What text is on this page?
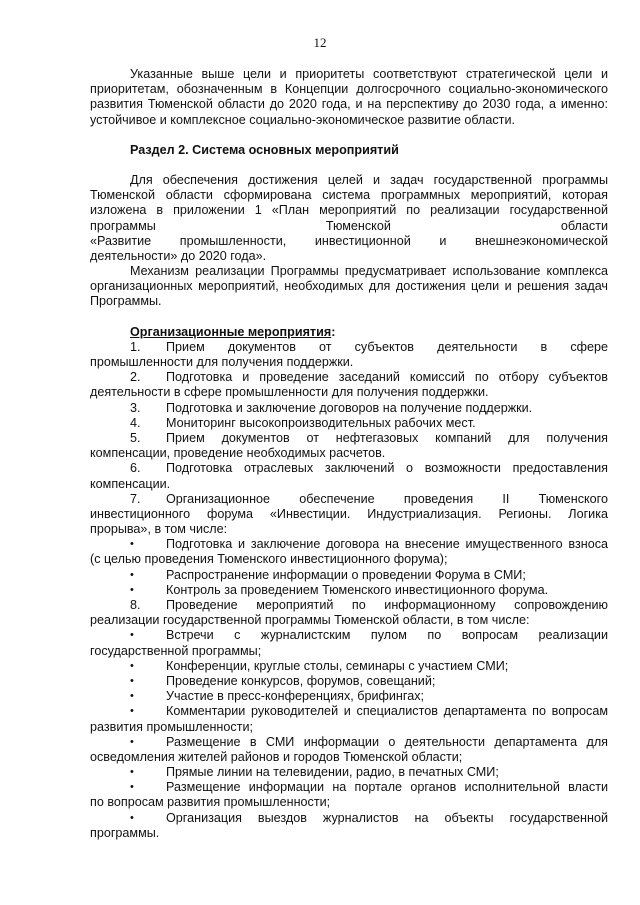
12
Указанные выше цели и приоритеты соответствуют стратегической цели и
приоритетам, обозначенным в Концепции долгосрочного социально-экономического
развития Тюменской области до 2020 года, и на перспективу до 2030 года, а именно:
устойчивое и комплексное социально-экономическое развитие области.
Раздел 2. Система основных мероприятий
Для обеспечения достижения целей и задач государственной программы
Тюменской области сформирована система программных мероприятий, которая
изложена в приложении 1 «План мероприятий по реализации государственной
программы Тюменской области
«Развитие промышленности, инвестиционной и внешнеэкономической
деятельности» до 2020 года».
Механизм реализации Программы предусматривает использование комплекса
организационных мероприятий, необходимых для достижения цели и решения задач
Программы.
Организационные мероприятия:
1.	Прием документов от субъектов деятельности в сфере
промышленности для получения поддержки.
2.	Подготовка и проведение заседаний комиссий по отбору субъектов
деятельности в сфере промышленности для получения поддержки.
3.	Подготовка и заключение договоров на получение поддержки.
4.	Мониторинг высокопроизводительных рабочих мест.
5.	Прием документов от нефтегазовых компаний для получения
компенсации, проведение необходимых расчетов.
6.	Подготовка отраслевых заключений о возможности предоставления
компенсации.
7.	Организационное обеспечение проведения II Тюменского
инвестиционного форума «Инвестиции. Индустриализация. Регионы. Логика
прорыва», в том числе:
•	Подготовка и заключение договора на внесение имущественного взноса
(с целью проведения Тюменского инвестиционного форума);
•	Распространение информации о проведении Форума в СМИ;
•	Контроль за проведением Тюменского инвестиционного форума.
8.	Проведение мероприятий по информационному сопровождению
реализации государственной программы Тюменской области, в том числе:
•	Встречи с журналистским пулом по вопросам реализации
государственной программы;
•	Конференции, круглые столы, семинары с участием СМИ;
•	Проведение конкурсов, форумов, совещаний;
•	Участие в пресс-конференциях, брифингах;
•	Комментарии руководителей и специалистов департамента по вопросам
развития промышленности;
•	Размещение в СМИ информации о деятельности департамента для
осведомления жителей районов и городов Тюменской области;
•	Прямые линии на телевидении, радио, в печатных СМИ;
•	Размещение информации на портале органов исполнительной власти
по вопросам развития промышленности;
•	Организация выездов журналистов на объекты государственной
программы.
